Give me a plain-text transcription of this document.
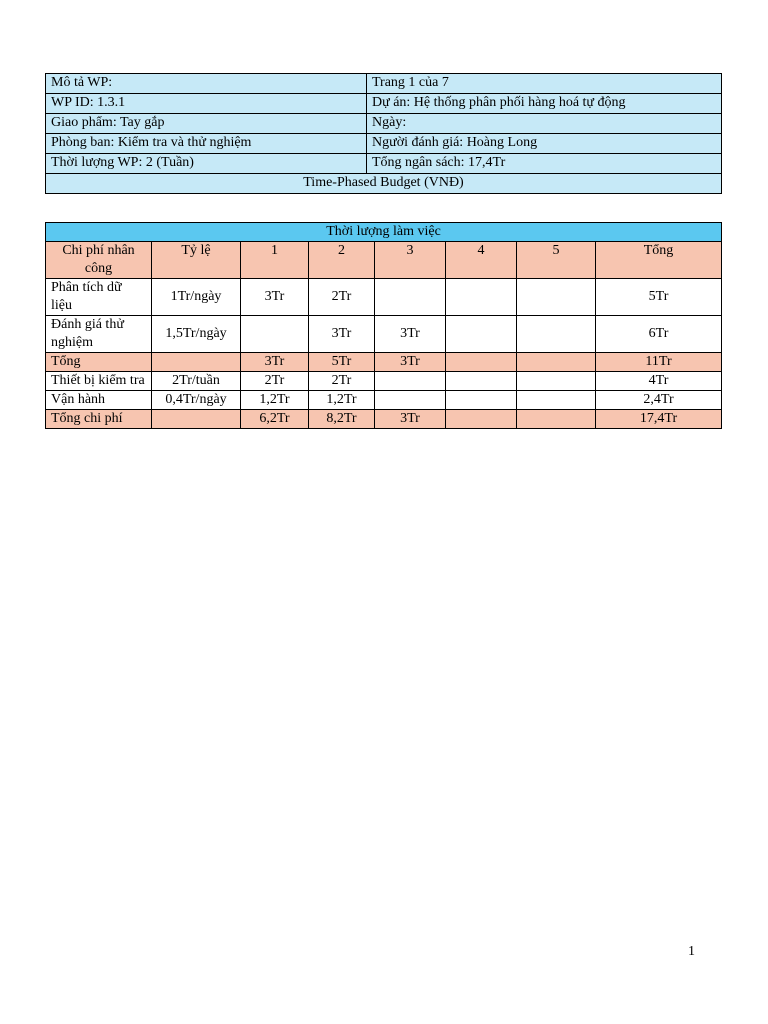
Mô tả WP:	Trang 1 của 7
WP ID: 1.3.1	Dự án: Hệ thống phân phối hàng hoá tự động
Giao phẩm: Tay gắp	Ngày:
Phòng ban: Kiểm tra và thử nghiệm	Người đánh giá: Hoàng Long
Thời lượng WP: 2 (Tuần)	Tổng ngân sách: 17,4Tr
Time-Phased Budget (VNĐ)	
Thời lượng làm việc							
Chi phí nhân công	Tỷ lệ	1	2	3	4	5	Tổng
Phân tích dữ liệu	1Tr/ngày	3Tr	2Tr				5Tr
Đánh giá thử nghiệm	1,5Tr/ngày		3Tr	3Tr			6Tr
Tổng		3Tr	5Tr	3Tr			11Tr
Thiết bị kiểm tra	2Tr/tuần	2Tr	2Tr				4Tr
Vận hành	0,4Tr/ngày	1,2Tr	1,2Tr				2,4Tr
Tổng chi phí		6,2Tr	8,2Tr	3Tr			17,4Tr
1
